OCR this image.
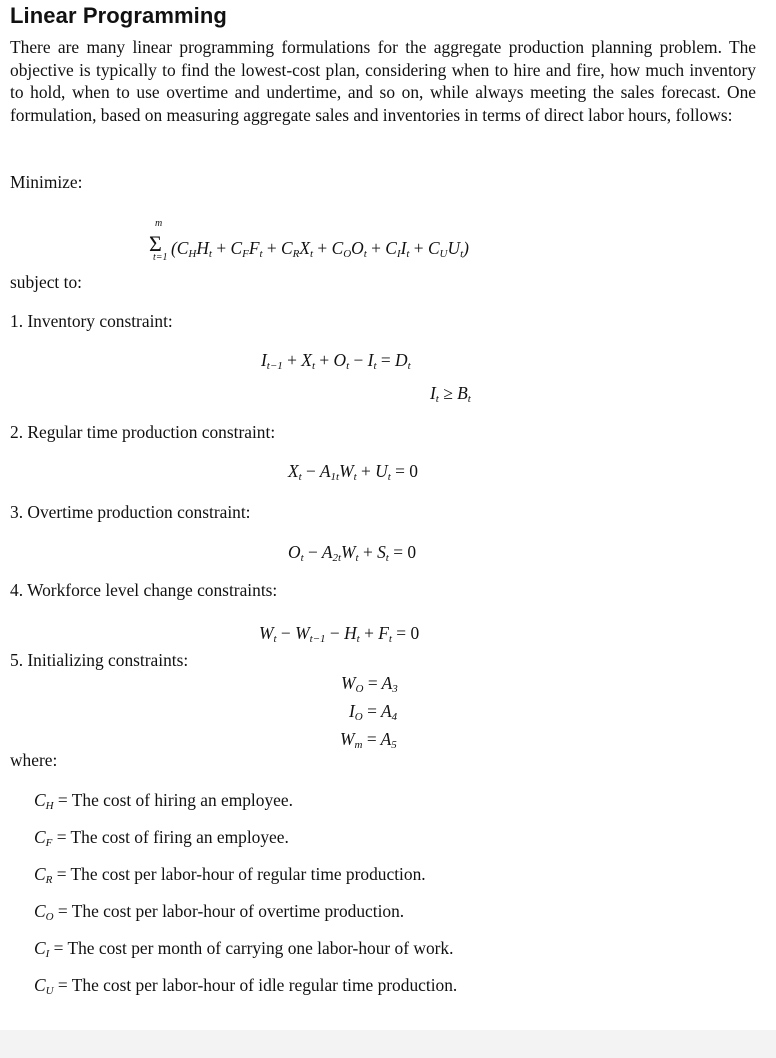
Linear Programming
There are many linear programming formulations for the aggregate production planning problem. The objective is typically to find the lowest-cost plan, considering when to hire and fire, how much inventory to hold, when to use overtime and undertime, and so on, while always meeting the sales forecast. One formulation, based on measuring aggregate sales and inventories in terms of direct labor hours, follows:
Minimize:
m
Σ
t=1 $(C_HH_t + C_FF_t + C_RX_t + C_OO_t + C_II_t + C_UU_t)$
subject to:
1. Inventory constraint:
$I_{t-1} + X_t + O_t - I_t = D_t$
$I_t \ge B_t$
2. Regular time production constraint:
$X_t - A_{1t}W_t + U_t = 0$
3. Overtime production constraint:
$O_t - A_{2t}W_t + S_t = 0$
4. Workforce level change constraints:
$W_t - W_{t-1} - H_t + F_t = 0$
5. Initializing constraints:
$W_O = A_3$
$I_O = A_4$
$W_m = A_5$
where:
$C_H$ = The cost of hiring an employee.
$C_F$ = The cost of firing an employee.
$C_R$ = The cost per labor-hour of regular time production.
$C_O$ = The cost per labor-hour of overtime production.
$C_I$ = The cost per month of carrying one labor-hour of work.
$C_U$ = The cost per labor-hour of idle regular time production.
